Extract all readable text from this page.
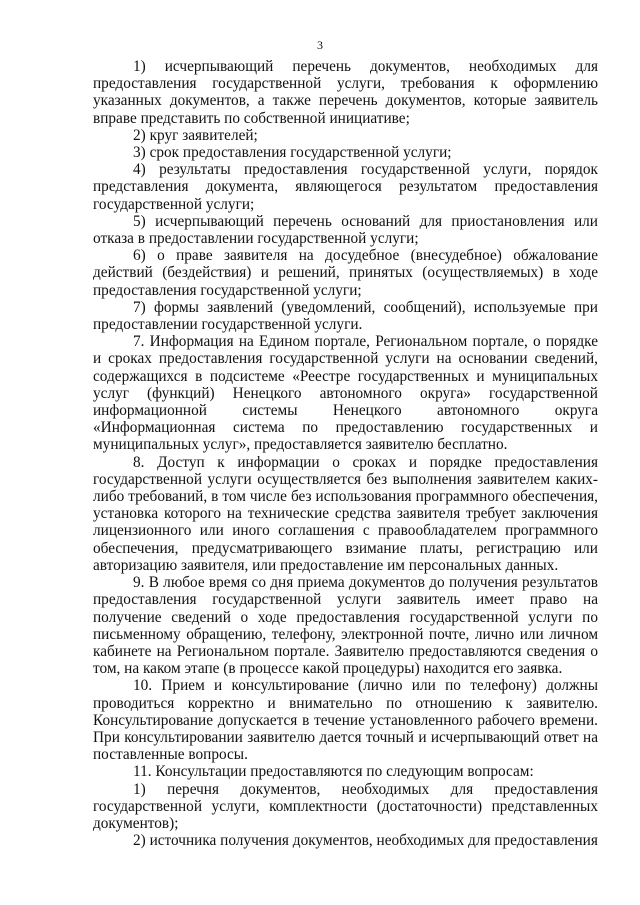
3

1) исчерпывающий перечень документов, необходимых для предоставления государственной услуги, требования к оформлению указанных документов, а также перечень документов, которые заявитель вправе представить по собственной инициативе;

2) круг заявителей;

3) срок предоставления государственной услуги;

4) результаты предоставления государственной услуги, порядок представления документа, являющегося результатом предоставления государственной услуги;

5) исчерпывающий перечень оснований для приостановления или отказа в предоставлении государственной услуги;

6) о праве заявителя на досудебное (внесудебное) обжалование действий (бездействия) и решений, принятых (осуществляемых) в ходе предоставления государственной услуги;

7) формы заявлений (уведомлений, сообщений), используемые при предоставлении государственной услуги.

7. Информация на Едином портале, Региональном портале, о порядке и сроках предоставления государственной услуги на основании сведений, содержащихся в подсистеме «Реестре государственных и муниципальных услуг (функций) Ненецкого автономного округа» государственной информационной системы Ненецкого автономного округа «Информационная система по предоставлению государственных и муниципальных услуг», предоставляется заявителю бесплатно.

8. Доступ к информации о сроках и порядке предоставления государственной услуги осуществляется без выполнения заявителем каких-либо требований, в том числе без использования программного обеспечения, установка которого на технические средства заявителя требует заключения лицензионного или иного соглашения с правообладателем программного обеспечения, предусматривающего взимание платы, регистрацию или авторизацию заявителя, или предоставление им персональных данных.

9. В любое время со дня приема документов до получения результатов предоставления государственной услуги заявитель имеет право на получение сведений о ходе предоставления государственной услуги по письменному обращению, телефону, электронной почте, лично или личном кабинете на Региональном портале. Заявителю предоставляются сведения о том, на каком этапе (в процессе какой процедуры) находится его заявка.

10. Прием и консультирование (лично или по телефону) должны проводиться корректно и внимательно по отношению к заявителю. Консультирование допускается в течение установленного рабочего времени. При консультировании заявителю дается точный и исчерпывающий ответ на поставленные вопросы.

11. Консультации предоставляются по следующим вопросам:

1) перечня документов, необходимых для предоставления государственной услуги, комплектности (достаточности) представленных документов);

2) источника получения документов, необходимых для предоставления
